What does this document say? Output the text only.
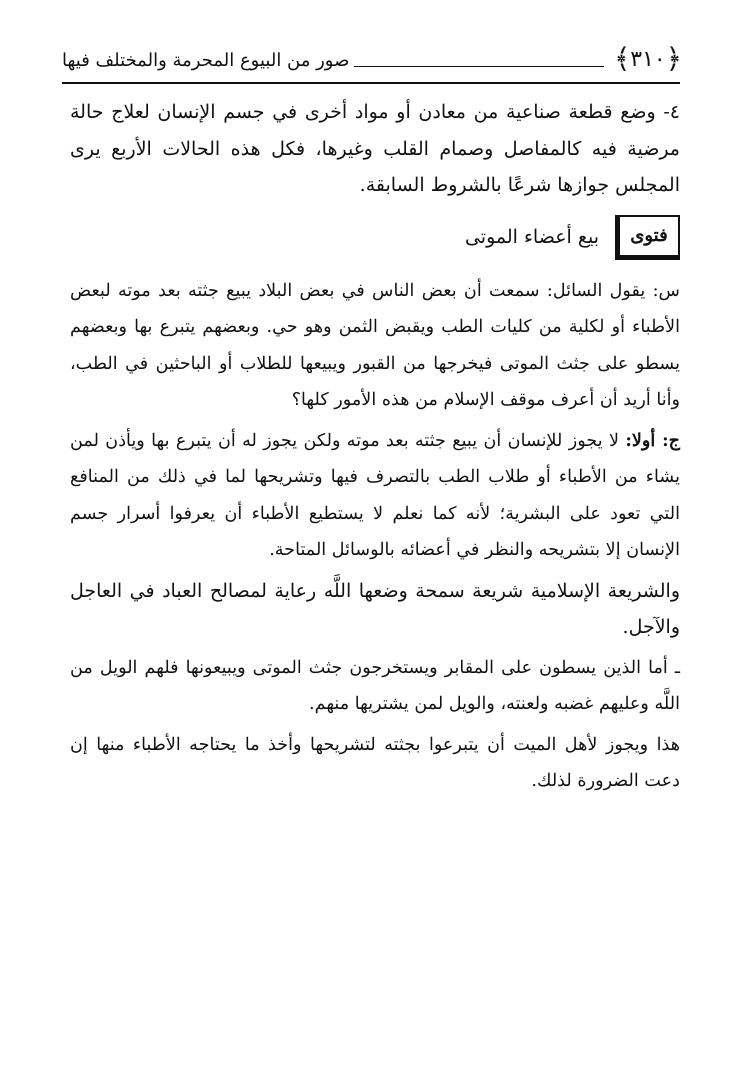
﴿
٣١٠
﴾
صور من البيوع المحرمة والمختلف فيها

٤- وضع قطعة صناعية من معادن أو مواد أخرى في جسم الإنسان لعلاج حالة مرضية فيه كالمفاصل وصمام القلب وغيرها، فكل هذه الحالات الأربع يرى المجلس جوازها شرعًا بالشروط السابقة.

فتوى
بيع أعضاء الموتى

س: يقول السائل: سمعت أن بعض الناس في بعض البلاد يبيع جثته بعد موته لبعض الأطباء أو لكلية من كليات الطب ويقبض الثمن وهو حي. وبعضهم يتبرع بها وبعضهم يسطو على جثث الموتى فيخرجها من القبور ويبيعها للطلاب أو الباحثين في الطب، وأنا أريد أن أعرف موقف الإسلام من هذه الأمور كلها؟

ج: أولا: لا يجوز للإنسان أن يبيع جثته بعد موته ولكن يجوز له أن يتبرع بها ويأذن لمن يشاء من الأطباء أو طلاب الطب بالتصرف فيها وتشريحها لما في ذلك من المنافع التي تعود على البشرية؛ لأنه كما نعلم لا يستطيع الأطباء أن يعرفوا أسرار جسم الإنسان إلا بتشريحه والنظر في أعضائه بالوسائل المتاحة.

والشريعة الإسلامية شريعة سمحة وضعها اللَّه رعاية لمصالح العباد في العاجل والآجل.

ـ أما الذين يسطون على المقابر ويستخرجون جثث الموتى ويبيعونها فلهم الويل من اللَّه وعليهم غضبه ولعنته، والويل لمن يشتريها منهم.

هذا ويجوز لأهل الميت أن يتبرعوا بجثته لتشريحها وأخذ ما يحتاجه الأطباء منها إن دعت الضرورة لذلك.
